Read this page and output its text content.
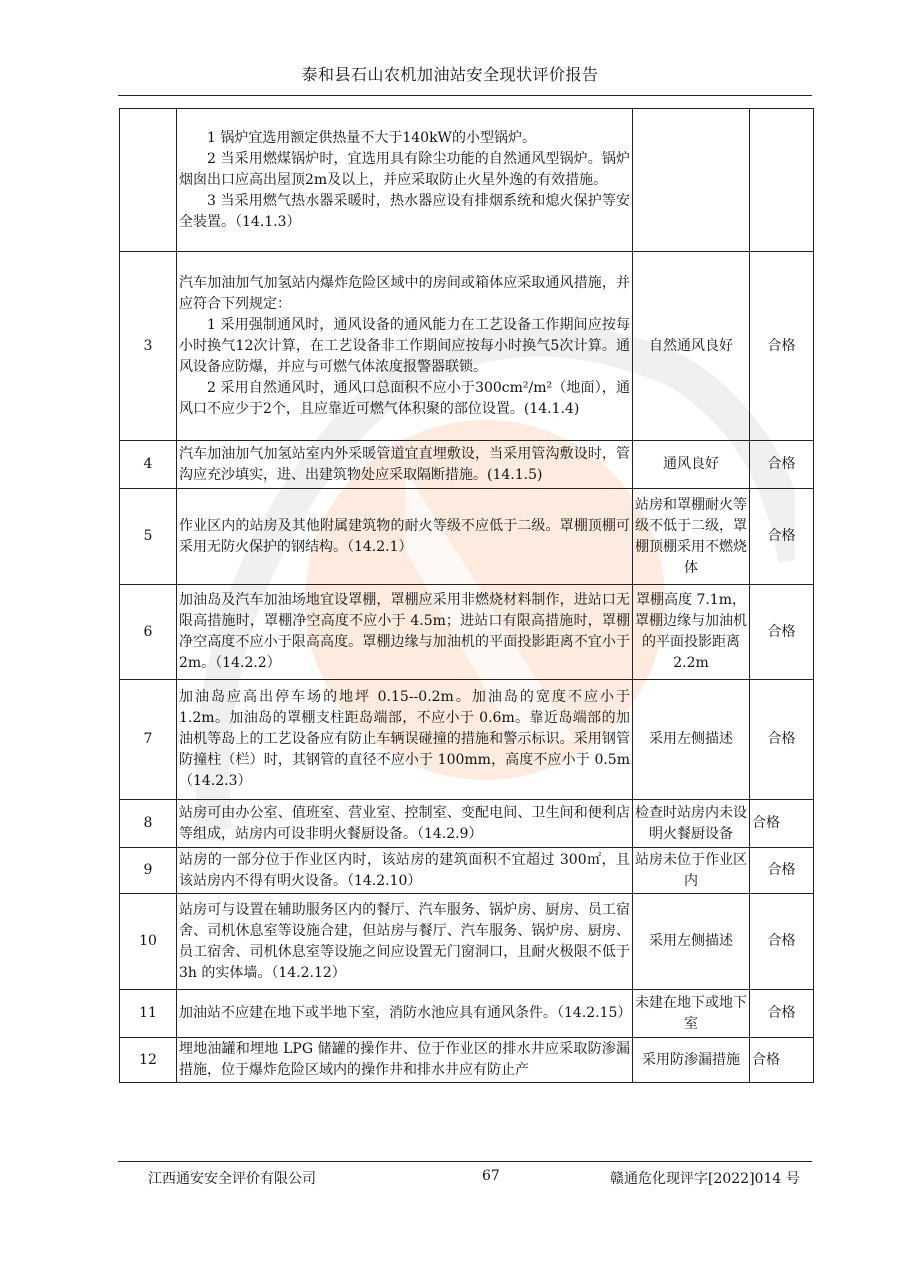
泰和县石山农机加油站安全现状评价报告

	1 锅炉宜选用额定供热量不大于140kW的小型锅炉。
2 当采用燃煤锅炉时，宜选用具有除尘功能的自然通风型锅炉。锅炉烟囱出口应高出屋顶2m及以上，并应采取防止火星外逸的有效措施。
3 当采用燃气热水器采暖时，热水器应设有排烟系统和熄火保护等安全装置。（14.1.3）		

3	汽车加油加气加氢站内爆炸危险区域中的房间或箱体应采取通风措施，并应符合下列规定：
1 采用强制通风时，通风设备的通风能力在工艺设备工作期间应按每小时换气12次计算，在工艺设备非工作期间应按每小时换气5次计算。通风设备应防爆，并应与可燃气体浓度报警器联锁。
2 采用自然通风时，通风口总面积不应小于300cm²/m²（地面），通风口不应少于2个，且应靠近可燃气体积聚的部位设置。(14.1.4)	自然通风良好	合格
4	汽车加油加气加氢站室内外采暖管道宜直埋敷设，当采用管沟敷设时，管沟应充沙填实，进、出建筑物处应采取隔断措施。(14.1.5)	通风良好	合格
5	作业区内的站房及其他附属建筑物的耐火等级不应低于二级。罩棚顶棚可采用无防火保护的钢结构。（14.2.1）	站房和罩棚耐火等级不低于二级，罩棚顶棚采用不燃烧体	合格
6	加油岛及汽车加油场地宜设罩棚，罩棚应采用非燃烧材料制作，进站口无限高措施时，罩棚净空高度不应小于 4.5m；进站口有限高措施时，罩棚净空高度不应小于限高高度。罩棚边缘与加油机的平面投影距离不宜小于 2m。（14.2.2）	罩棚高度 7.1m，罩棚边缘与加油机的平面投影距离 2.2m	合格
7	加油岛应高出停车场的地坪 0.15--0.2m。加油岛的宽度不应小于 1.2m。加油岛的罩棚支柱距岛端部，不应小于 0.6m。靠近岛端部的加油机等岛上的工艺设备应有防止车辆误碰撞的措施和警示标识。采用钢管防撞柱（栏）时，其钢管的直径不应小于 100mm，高度不应小于 0.5m（14.2.3）	采用左侧描述	合格
8	站房可由办公室、值班室、营业室、控制室、变配电间、卫生间和便利店等组成，站房内可设非明火餐厨设备。（14.2.9）	检查时站房内未设明火餐厨设备	合格
9	站房的一部分位于作业区内时，该站房的建筑面积不宜超过 300㎡，且该站房内不得有明火设备。（14.2.10）	站房未位于作业区内	合格
10	站房可与设置在辅助服务区内的餐厅、汽车服务、锅炉房、厨房、员工宿舍、司机休息室等设施合建，但站房与餐厅、汽车服务、锅炉房、厨房、员工宿舍、司机休息室等设施之间应设置无门窗洞口，且耐火极限不低于 3h 的实体墙。（14.2.12）	采用左侧描述	合格
11	加油站不应建在地下或半地下室，消防水池应具有通风条件。（14.2.15）	未建在地下或地下室	合格
12	埋地油罐和埋地 LPG 储罐的操作井、位于作业区的排水井应采取防渗漏措施，位于爆炸危险区域内的操作井和排水井应有防止产	采用防渗漏措施	合格
江西通安安全评价有限公司	67	赣通危化现评字[2022]014 号
